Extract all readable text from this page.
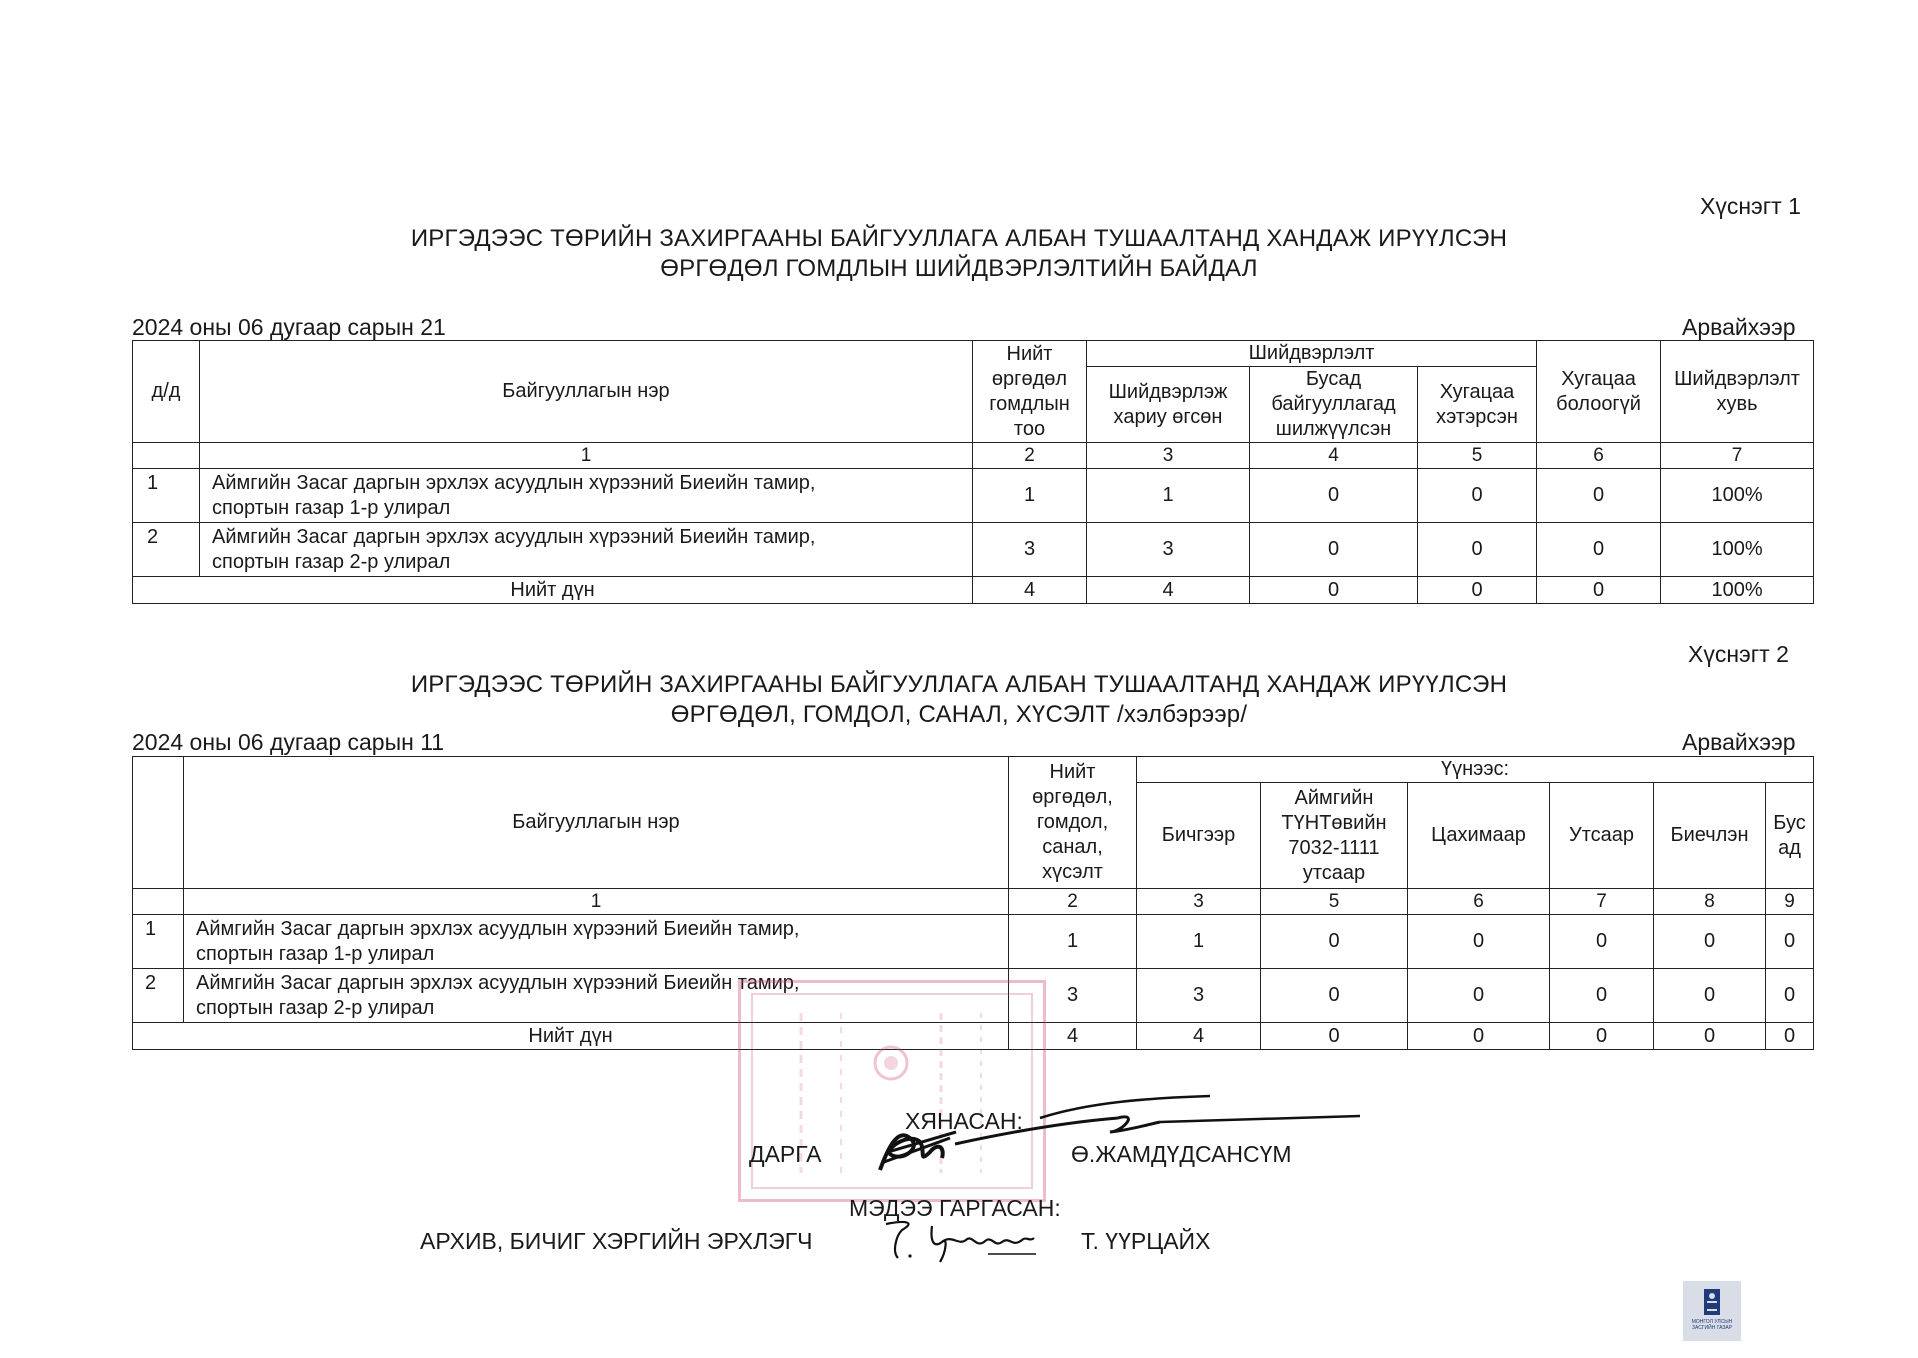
Хүснэгт 1
ИРГЭДЭЭС ТӨРИЙН ЗАХИРГААНЫ БАЙГУУЛЛАГА АЛБАН ТУШААЛТАНД ХАНДАЖ ИРҮҮЛСЭН
ӨРГӨДӨЛ ГОМДЛЫН ШИЙДВЭРЛЭЛТИЙН БАЙДАЛ
2024 оны 06 дугаар сарын 21	Арвайхээр
д/д	Байгууллагын нэр	Нийт өргөдөл гомдлын тоо	Шийдвэрлэлт			Хугацаа болоогүй	Шийдвэрлэлт хувь
			Шийдвэрлэж хариу өгсөн	Бусад байгууллагад шилжүүлсэн	Хугацаа хэтэрсэн		
	1	2	3	4	5	6	7
1	Аймгийн Засаг даргын эрхлэх асуудлын хүрээний Биеийн тамир,
спортын газар 1-р улирал	1	1	0	0	0	100%
2	Аймгийн Засаг даргын эрхлэх асуудлын хүрээний Биеийн тамир,
спортын газар 2-р улирал	3	3	0	0	0	100%
Нийт дүн		4	4	0	0	0	100%
Хүснэгт 2
ИРГЭДЭЭС ТӨРИЙН ЗАХИРГААНЫ БАЙГУУЛЛАГА АЛБАН ТУШААЛТАНД ХАНДАЖ ИРҮҮЛСЭН
ӨРГӨДӨЛ, ГОМДОЛ, САНАЛ, ХҮСЭЛТ /хэлбэрээр/
2024 оны 06 дугаар сарын 11	Арвайхээр
	Байгууллагын нэр	Нийт өргөдөл, гомдол, санал, хүсэлт	Үүнээс:					
			Бичгээр	Аймгийн ТҮНТөвийн 7032-1111 утсаар	Цахимаар	Утсаар	Биечлэн	Бусад
	1	2	3	5	6	7	8	9
1	Аймгийн Засаг даргын эрхлэх асуудлын хүрээний Биеийн тамир,
спортын газар 1-р улирал	1	1	0	0	0	0	0
2	Аймгийн Засаг даргын эрхлэх асуудлын хүрээний Биеийн тамир,
спортын газар 2-р улирал	3	3	0	0	0	0	0
Нийт дүн		4	4	0	0	0	0	0
ХЯНАСАН:
ДАРГА	Ө.ЖАМДҮДСАНСҮМ
МЭДЭЭ ГАРГАСАН:
АРХИВ, БИЧИГ ХЭРГИЙН ЭРХЛЭГЧ	Т. ҮҮРЦАЙХ
МОНГОЛ УЛСЫН ЗАСГИЙН ГАЗАР
